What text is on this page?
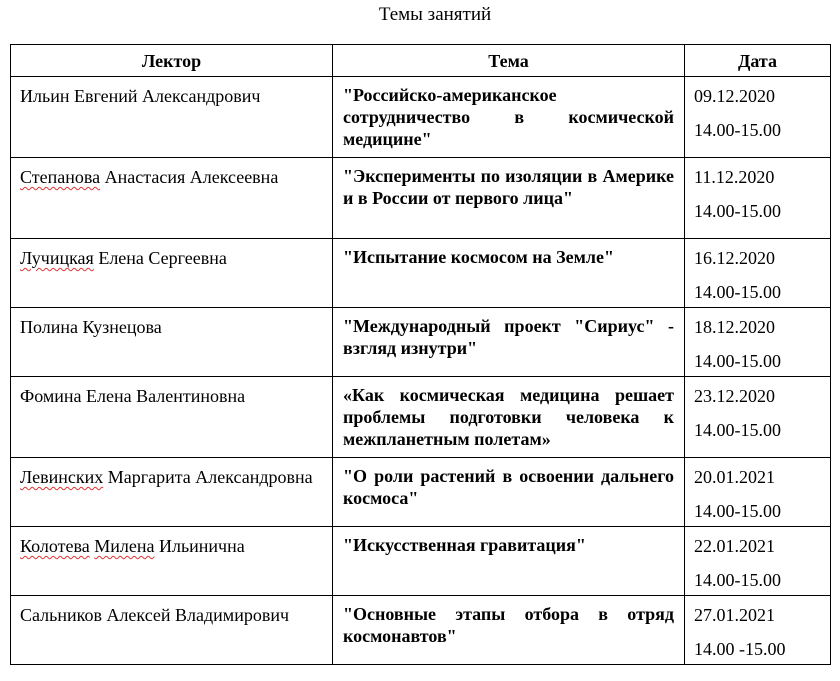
Темы занятий
Лектор	Тема	Дата
Ильин Евгений Александрович	"Российско-американское сотрудничество в космической медицине"	09.12.2020
14.00-15.00

Степанова Анастасия Алексеевна	"Эксперименты по изоляции в Америке и в России от первого лица"	11.12.2020
14.00-15.00

Лучицкая Елена Сергеевна	"Испытание космосом на Земле"	16.12.2020
14.00-15.00

Полина Кузнецова	"Международный проект "Сириус" - взгляд изнутри"	18.12.2020
14.00-15.00

Фомина Елена Валентиновна	«Как космическая медицина решает проблемы подготовки человека к межпланетным полетам»	23.12.2020
14.00-15.00

Левинских Маргарита Александровна	"О роли растений в освоении дальнего космоса"	20.01.2021
14.00-15.00

Колотева Милена Ильинична	"Искусственная гравитация"	22.01.2021
14.00-15.00

Сальников Алексей Владимирович	"Основные этапы отбора в отряд космонавтов"	27.01.2021
14.00 -15.00
